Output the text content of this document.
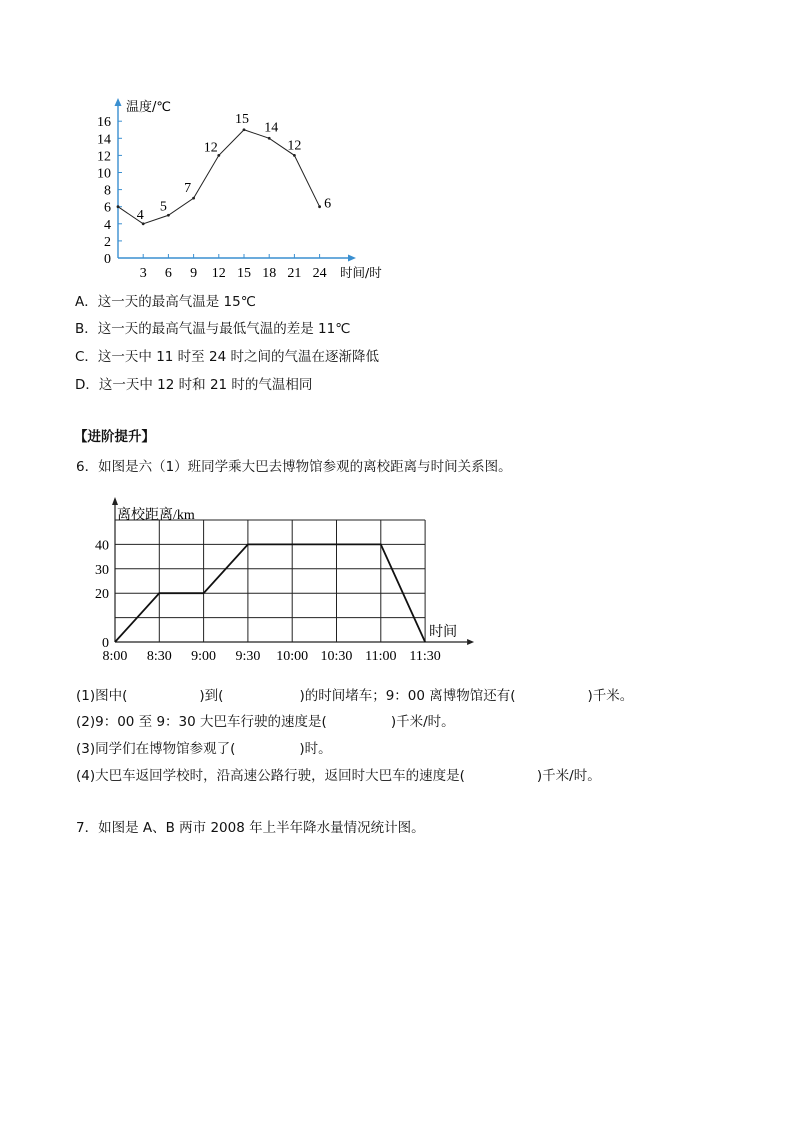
温度/℃
0
2
4
6
8
10
12
14
16
3 6 9 12 15 18 21 24 时间/时
4
5
7
12
15
14
12
6
A．这一天的最高气温是 15℃
B．这一天的最高气温与最低气温的差是 11℃
C．这一天中 11 时至 24 时之间的气温在逐渐降低
D．这一天中 12 时和 21 时的气温相同
【进阶提升】
6．如图是六（1）班同学乘大巴去博物馆参观的离校距离与时间关系图。
离校距离/km
时间
0
20
30
40
8:00 8:30 9:00 9:30 10:00 10:30 11:00 11:30
(1)图中(	)到(	)的时间堵车；9：00 离博物馆还有(	)千米。
(2)9：00 至 9：30 大巴车行驶的速度是(	)千米/时。
(3)同学们在博物馆参观了(	)时。
(4)大巴车返回学校时，沿高速公路行驶，返回时大巴车的速度是(	)千米/时。
7．如图是 A、B 两市 2008 年上半年降水量情况统计图。
